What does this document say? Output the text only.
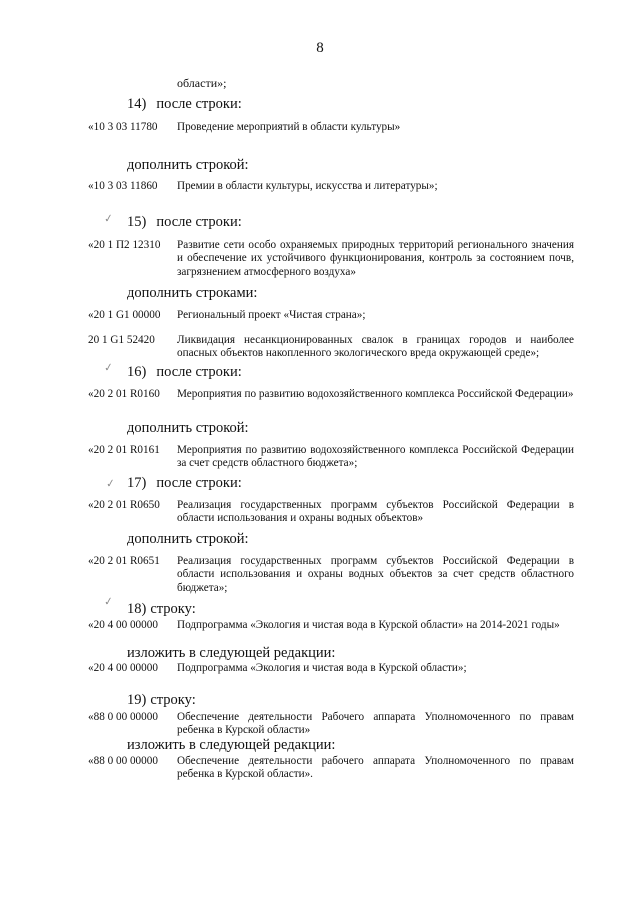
8
области»;
14) после строки:
«10 3 03 11780 Проведение мероприятий в области культуры»
дополнить строкой:
«10 3 03 11860 Премии в области культуры, искусства и литературы»;
✓ 15) после строки:
«20 1 П2 12310 Развитие сети особо охраняемых природных территорий регионального значения и обеспечение их устойчивого функционирования, контроль за состоянием почв, загрязнением атмосферного воздуха»
дополнить строками:
«20 1 G1 00000 Региональный проект «Чистая страна»;
20 1 G1 52420 Ликвидация несанкционированных свалок в границах городов и наиболее опасных объектов накопленного экологического вреда окружающей среде»;
✓ 16) после строки:
«20 2 01 R0160 Мероприятия по развитию водохозяйственного комплекса Российской Федерации»
дополнить строкой:
«20 2 01 R0161 Мероприятия по развитию водохозяйственного комплекса Российской Федерации за счет средств областного бюджета»;
✓ 17) после строки:
«20 2 01 R0650 Реализация государственных программ субъектов Российской Федерации в области использования и охраны водных объектов»
дополнить строкой:
«20 2 01 R0651 Реализация государственных программ субъектов Российской Федерации в области использования и охраны водных объектов за счет средств областного бюджета»;
✓ 18) строку:
«20 4 00 00000 Подпрограмма «Экология и чистая вода в Курской области» на 2014-2021 годы»
изложить в следующей редакции:
«20 4 00 00000 Подпрограмма «Экология и чистая вода в Курской области»;
19) строку:
«88 0 00 00000 Обеспечение деятельности Рабочего аппарата Уполномоченного по правам ребенка в Курской области»
изложить в следующей редакции:
«88 0 00 00000 Обеспечение деятельности рабочего аппарата Уполномоченного по правам ребенка в Курской области».
